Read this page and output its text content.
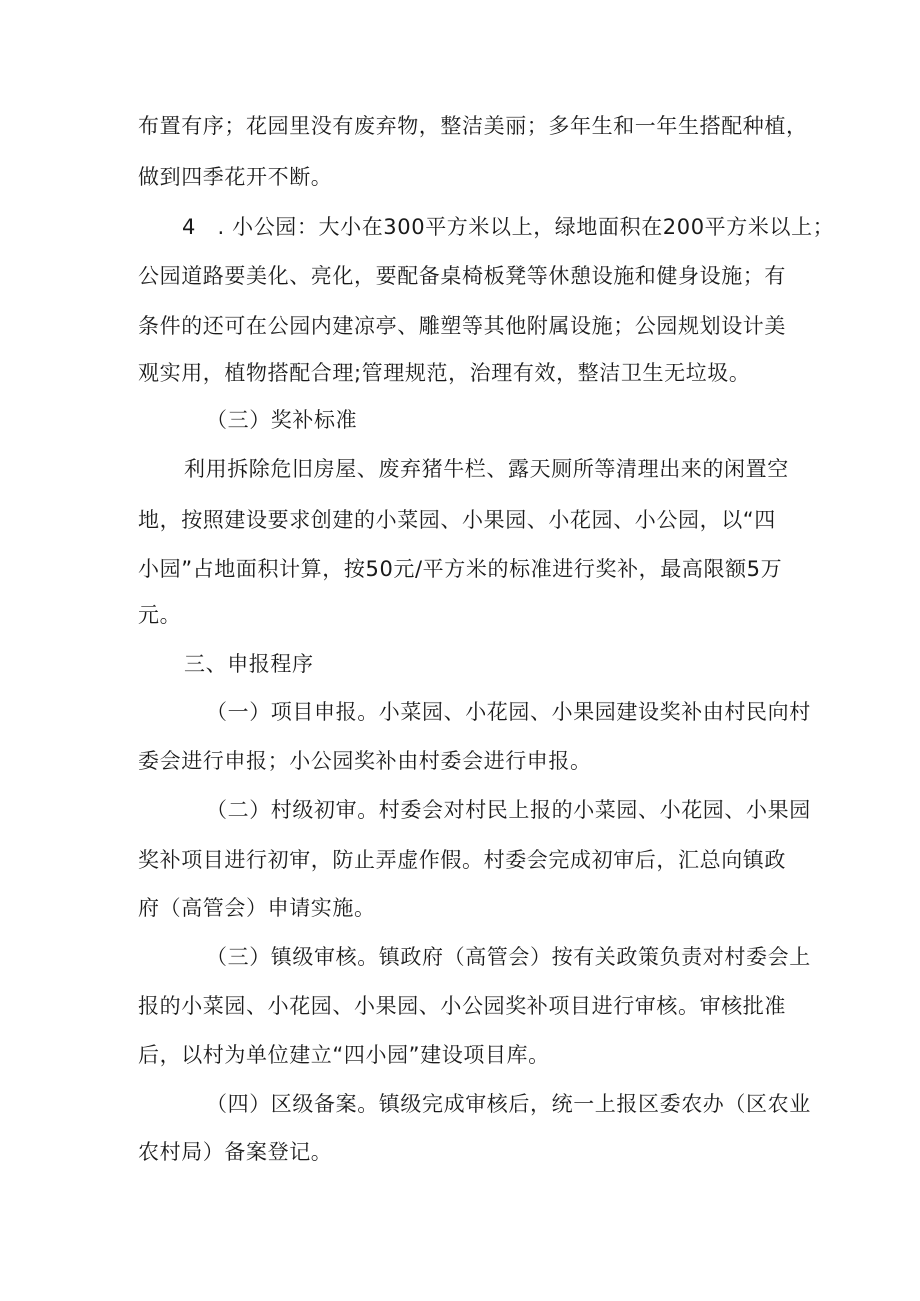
布置有序；花园里没有废弃物，整洁美丽；多年生和一年生搭配种植，
做到四季花开不断。
4　. 小公园：大小在300平方米以上，绿地面积在200平方米以上；
公园道路要美化、亮化，要配备桌椅板凳等休憩设施和健身设施；有
条件的还可在公园内建凉亭、雕塑等其他附属设施；公园规划设计美
观实用，植物搭配合理;管理规范，治理有效，整洁卫生无垃圾。
（三）奖补标准
利用拆除危旧房屋、废弃猪牛栏、露天厕所等清理出来的闲置空
地，按照建设要求创建的小菜园、小果园、小花园、小公园，以“四
小园”占地面积计算，按50元/平方米的标准进行奖补，最高限额5万
元。
三、申报程序
（一）项目申报。小菜园、小花园、小果园建设奖补由村民向村
委会进行申报；小公园奖补由村委会进行申报。
（二）村级初审。村委会对村民上报的小菜园、小花园、小果园
奖补项目进行初审，防止弄虚作假。村委会完成初审后，汇总向镇政
府（高管会）申请实施。
（三）镇级审核。镇政府（高管会）按有关政策负责对村委会上
报的小菜园、小花园、小果园、小公园奖补项目进行审核。审核批准
后，以村为单位建立“四小园”建设项目库。
（四）区级备案。镇级完成审核后，统一上报区委农办（区农业
农村局）备案登记。
